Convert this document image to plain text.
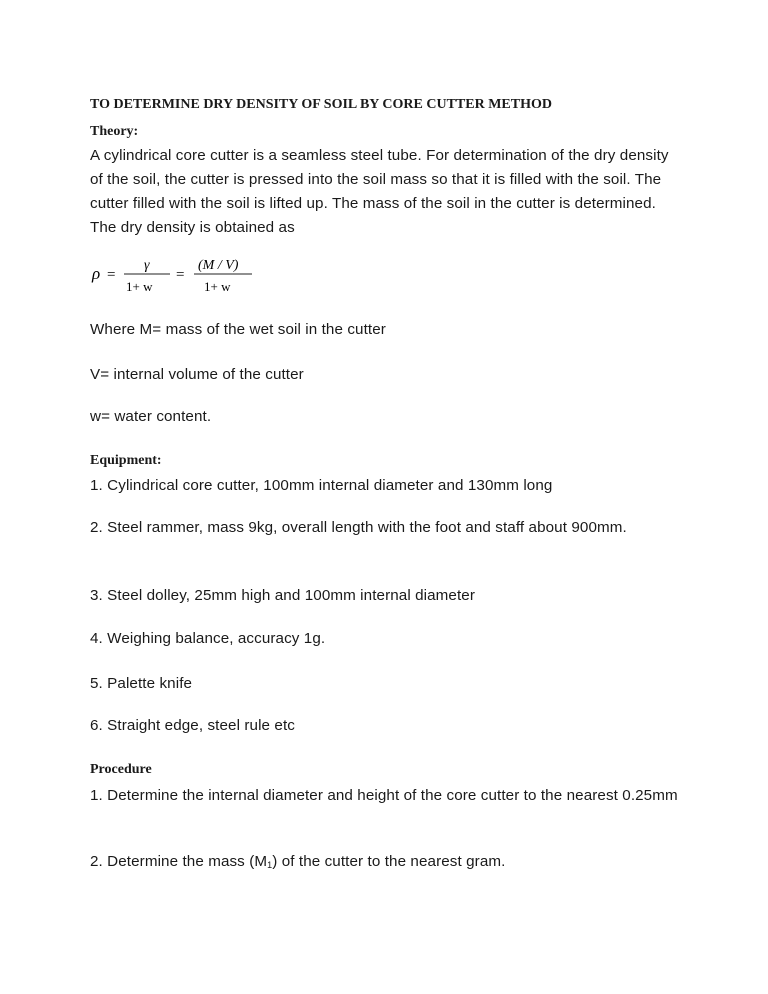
TO DETERMINE DRY DENSITY OF SOIL BY CORE CUTTER METHOD
Theory:
A cylindrical core cutter is a seamless steel tube. For determination of the dry density of the soil, the cutter is pressed into the soil mass so that it is filled with the soil. The cutter filled with the soil is lifted up. The mass of the soil in the cutter is determined. The dry density is obtained as
ρ =
γ
1+ w
=
(M / V)
1+ w
Where M= mass of the wet soil in the cutter
V= internal volume of the cutter
w= water content.
Equipment:
1. Cylindrical core cutter, 100mm internal diameter and 130mm long
2. Steel rammer, mass 9kg, overall length with the foot and staff about 900mm.
3. Steel dolley, 25mm high and 100mm internal diameter
4. Weighing balance, accuracy 1g.
5. Palette knife
6. Straight edge, steel rule etc
Procedure
1. Determine the internal diameter and height of the core cutter to the nearest 0.25mm
2. Determine the mass $(M_1)$ of the cutter to the nearest gram.
